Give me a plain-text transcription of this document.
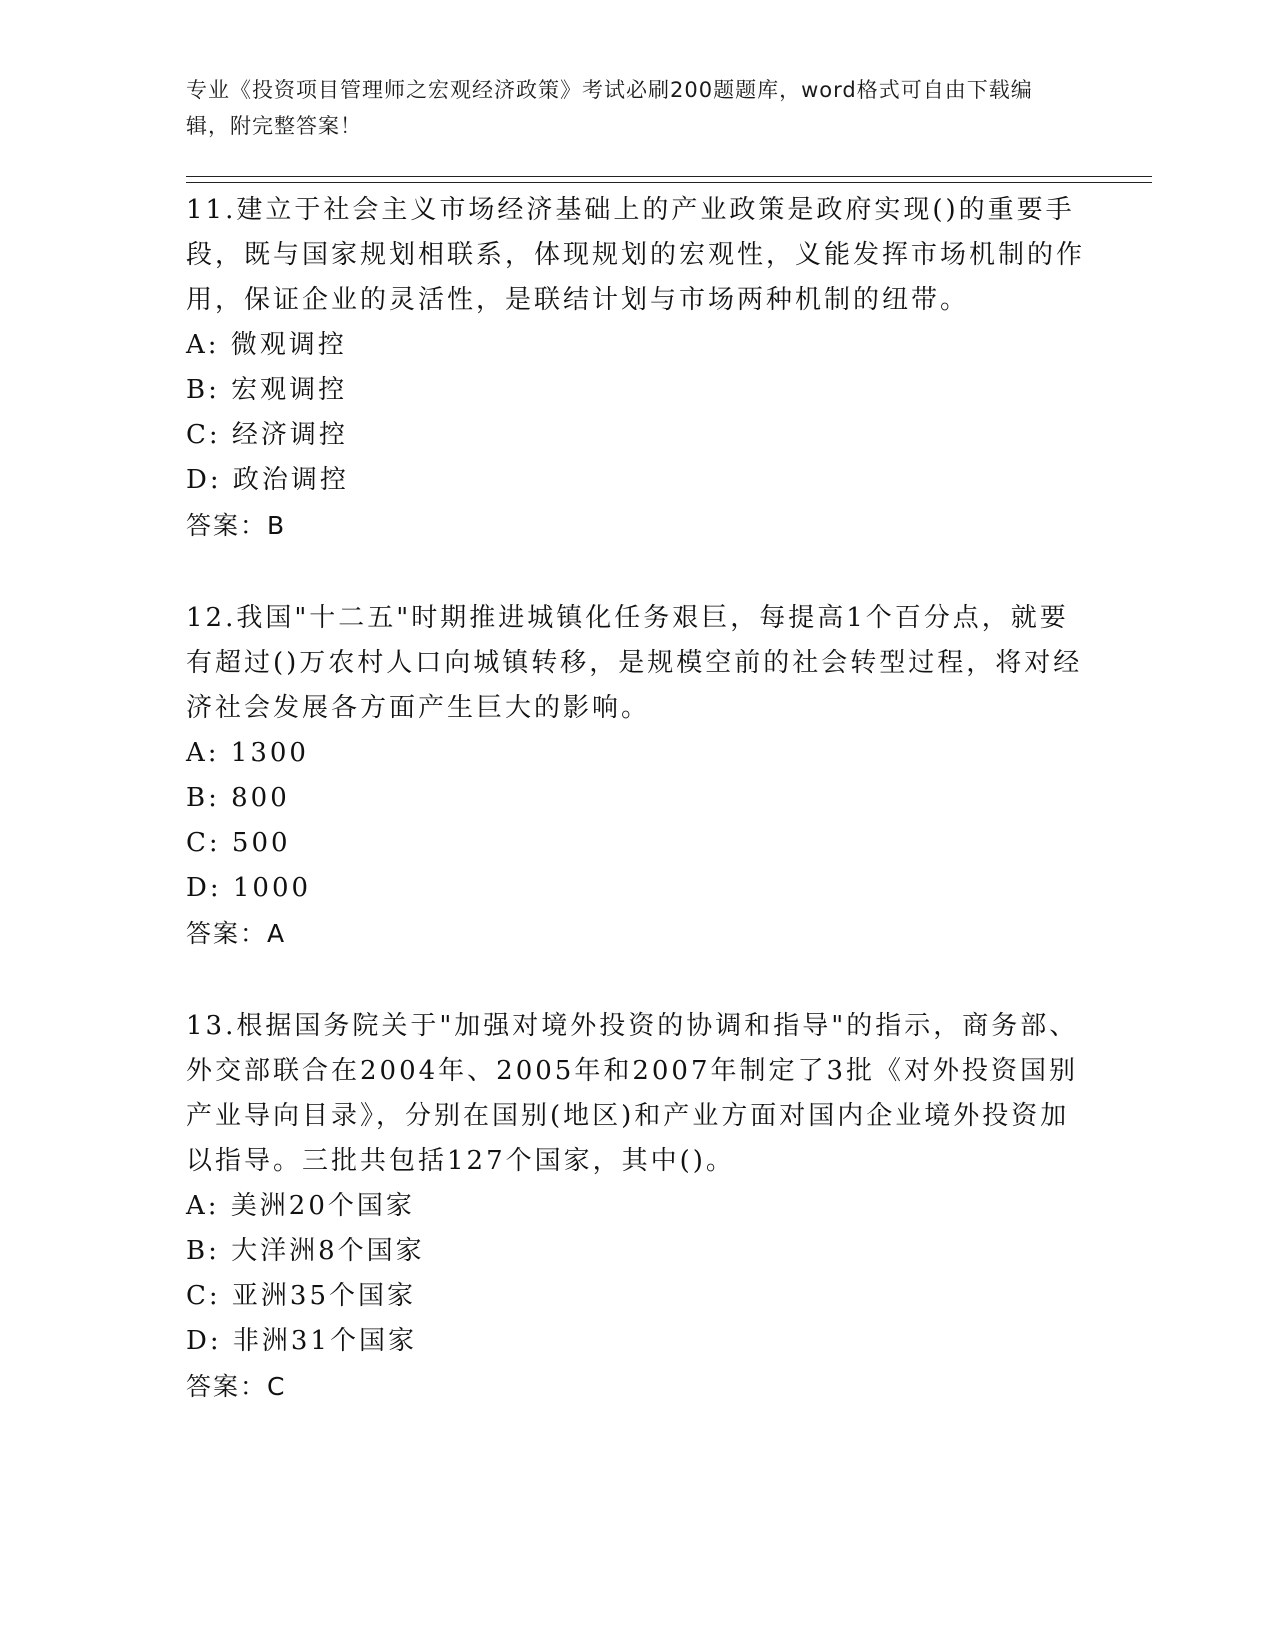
专业《投资项目管理师之宏观经济政策》考试必刷200题题库，word格式可自由下载编辑，附完整答案！

11.建立于社会主义市场经济基础上的产业政策是政府实现()的重要手段，既与国家规划相联系，体现规划的宏观性，义能发挥市场机制的作用，保证企业的灵活性，是联结计划与市场两种机制的纽带。

A: 微观调控

B: 宏观调控

C: 经济调控

D: 政治调控

答案：B

12.我国"十二五"时期推进城镇化任务艰巨，每提高1个百分点，就要有超过()万农村人口向城镇转移，是规模空前的社会转型过程，将对经济社会发展各方面产生巨大的影响。

A: 1300

B: 800

C: 500

D: 1000

答案：A

13.根据国务院关于"加强对境外投资的协调和指导"的指示，商务部、外交部联合在2004年、2005年和2007年制定了3批《对外投资国别产业导向目录》，分别在国别(地区)和产业方面对国内企业境外投资加以指导。三批共包括127个国家，其中()。

A: 美洲20个国家

B: 大洋洲8个国家

C: 亚洲35个国家

D: 非洲31个国家

答案：C
